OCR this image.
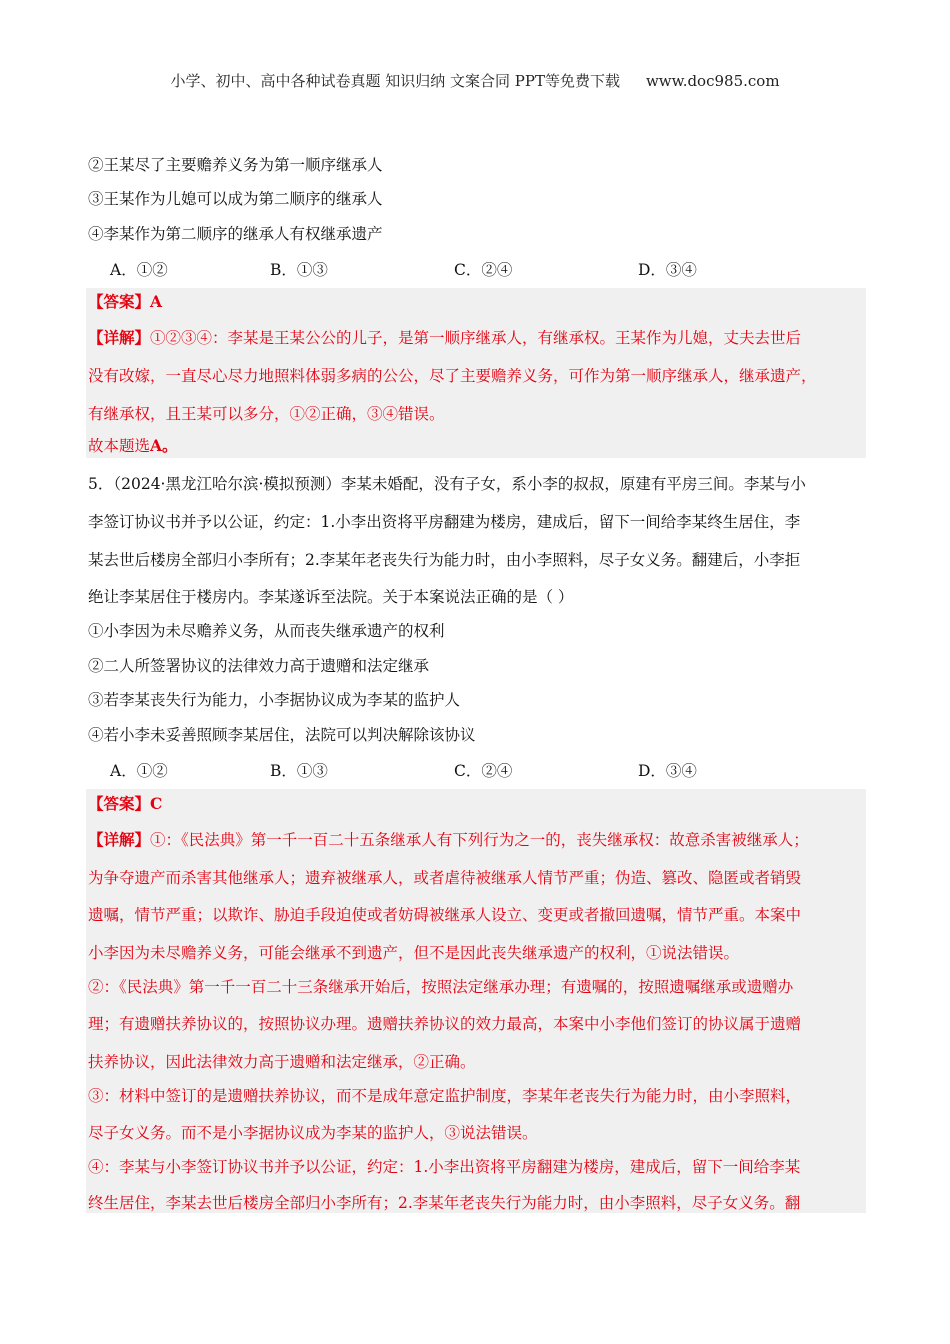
小学、初中、高中各种试卷真题 知识归纳 文案合同 PPT等免费下载 www.doc985.com
②王某尽了主要赡养义务为第一顺序继承人
③王某作为儿媳可以成为第二顺序的继承人
④李某作为第二顺序的继承人有权继承遗产
A．①②	B．①③	C．②④	D．③④
【答案】A
【详解】①②③④：李某是王某公公的儿子，是第一顺序继承人，有继承权。王某作为儿媳，丈夫去世后
没有改嫁，一直尽心尽力地照料体弱多病的公公，尽了主要赡养义务，可作为第一顺序继承人，继承遗产，
有继承权，且王某可以多分，①②正确，③④错误。
故本题选A。
5．（2024·黑龙江哈尔滨·模拟预测）李某未婚配，没有子女，系小李的叔叔，原建有平房三间。李某与小
李签订协议书并予以公证，约定：1.小李出资将平房翻建为楼房，建成后，留下一间给李某终生居住，李
某去世后楼房全部归小李所有；2.李某年老丧失行为能力时，由小李照料，尽子女义务。翻建后，小李拒
绝让李某居住于楼房内。李某遂诉至法院。关于本案说法正确的是（ ）
①小李因为未尽赡养义务，从而丧失继承遗产的权利
②二人所签署协议的法律效力高于遗赠和法定继承
③若李某丧失行为能力，小李据协议成为李某的监护人
④若小李未妥善照顾李某居住，法院可以判决解除该协议
A．①②	B．①③	C．②④	D．③④
【答案】C
【详解】①：《民法典》第一千一百二十五条继承人有下列行为之一的，丧失继承权：故意杀害被继承人；
为争夺遗产而杀害其他继承人；遗弃被继承人，或者虐待被继承人情节严重；伪造、篡改、隐匿或者销毁
遗嘱，情节严重；以欺诈、胁迫手段迫使或者妨碍被继承人设立、变更或者撤回遗嘱，情节严重。本案中
小李因为未尽赡养义务，可能会继承不到遗产，但不是因此丧失继承遗产的权利，①说法错误。
②：《民法典》第一千一百二十三条继承开始后，按照法定继承办理；有遗嘱的，按照遗嘱继承或遗赠办
理；有遗赠扶养协议的，按照协议办理。遗赠扶养协议的效力最高，本案中小李他们签订的协议属于遗赠
扶养协议，因此法律效力高于遗赠和法定继承，②正确。
③：材料中签订的是遗赠扶养协议，而不是成年意定监护制度，李某年老丧失行为能力时，由小李照料，
尽子女义务。而不是小李据协议成为李某的监护人，③说法错误。
④：李某与小李签订协议书并予以公证，约定：1.小李出资将平房翻建为楼房，建成后，留下一间给李某
终生居住，李某去世后楼房全部归小李所有；2.李某年老丧失行为能力时，由小李照料，尽子女义务。翻
